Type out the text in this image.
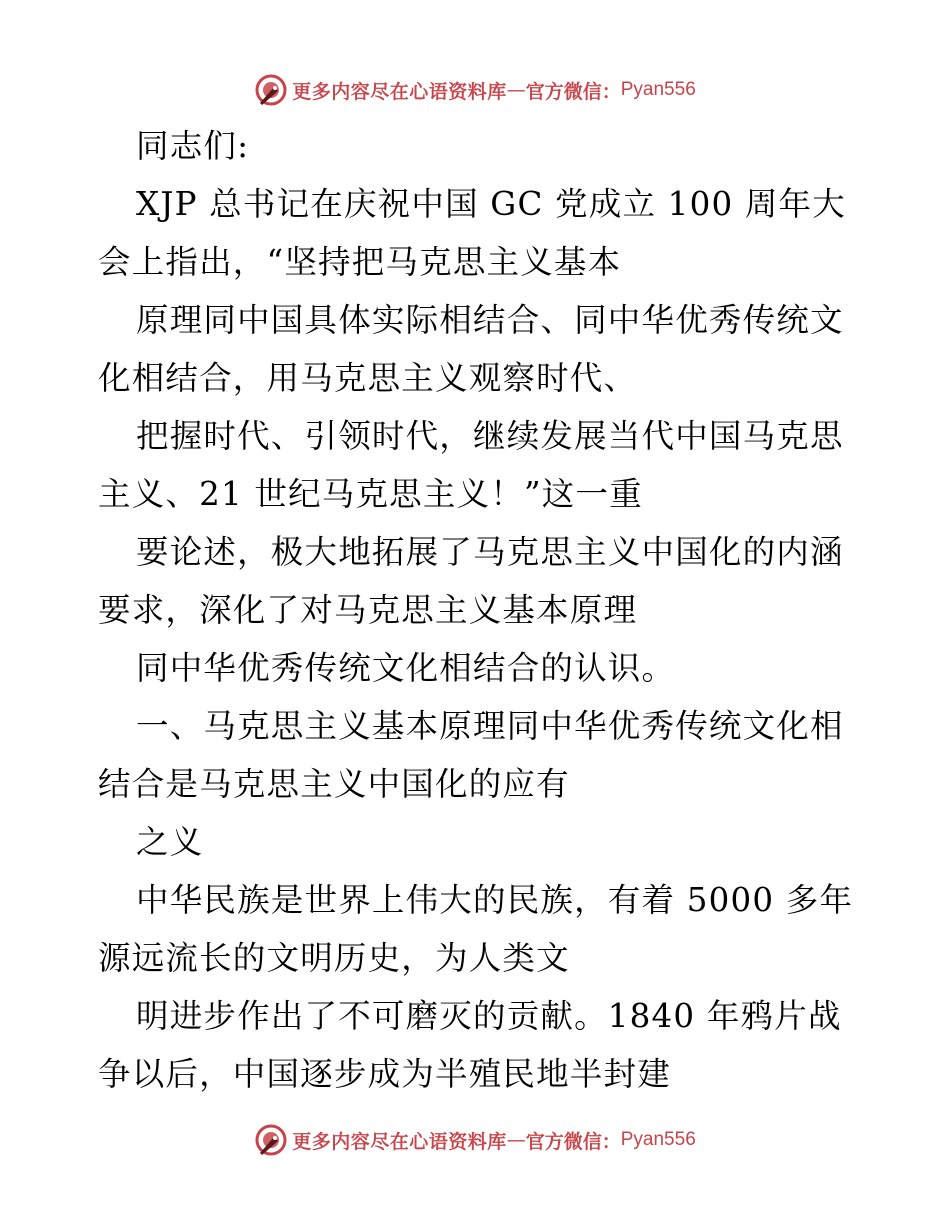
更多内容尽在心语资料库 — 官方微信： Pyan556
同志们:
XJP 总书记在庆祝中国 GC 党成立 100 周年大
会上指出，“坚持把马克思主义基本
原理同中国具体实际相结合、同中华优秀传统文
化相结合，用马克思主义观察时代、
把握时代、引领时代，继续发展当代中国马克思
主义、21 世纪马克思主义！”这一重
要论述，极大地拓展了马克思主义中国化的内涵
要求，深化了对马克思主义基本原理
同中华优秀传统文化相结合的认识。
一、马克思主义基本原理同中华优秀传统文化相
结合是马克思主义中国化的应有
之义
中华民族是世界上伟大的民族，有着 5000 多年
源远流长的文明历史，为人类文
明进步作出了不可磨灭的贡献。1840 年鸦片战
争以后，中国逐步成为半殖民地半封建
更多内容尽在心语资料库 — 官方微信： Pyan556
